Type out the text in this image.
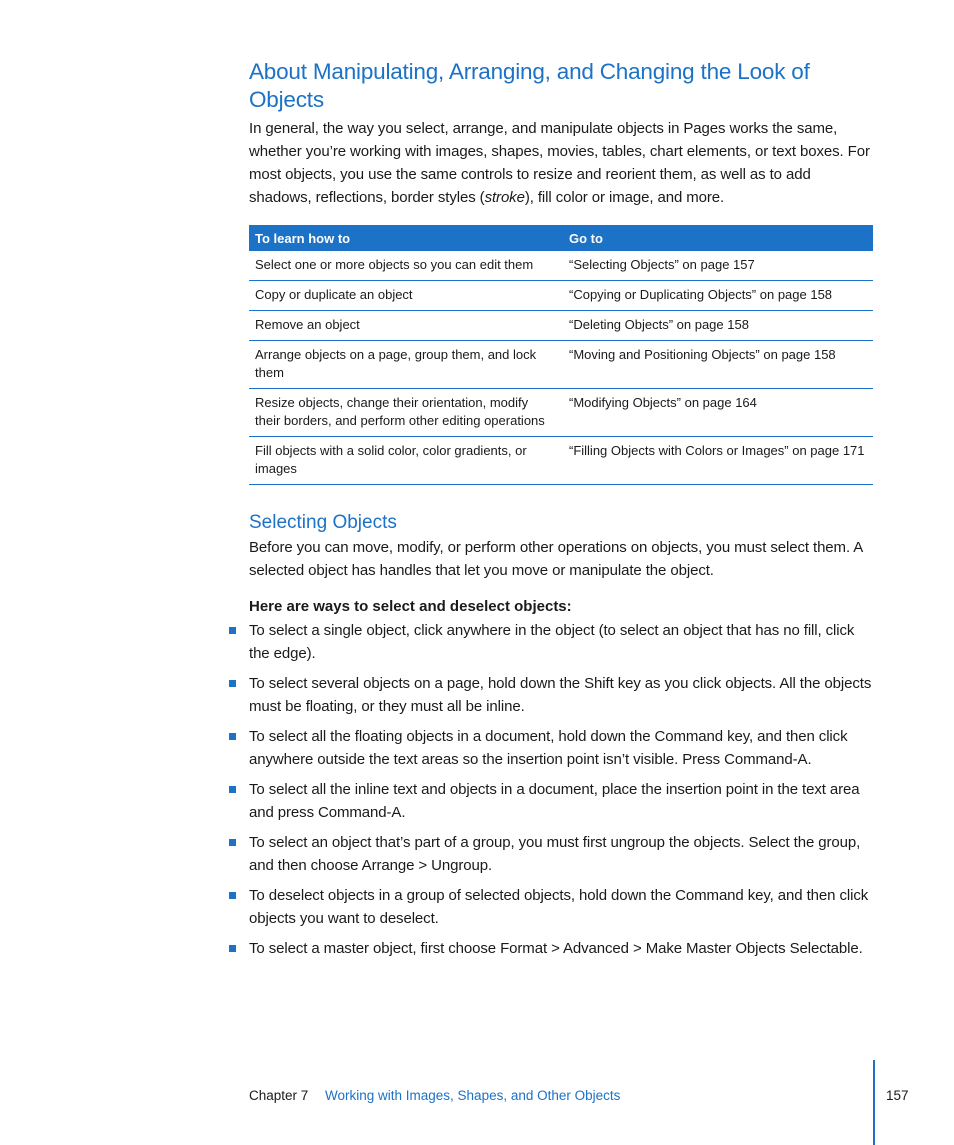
About Manipulating, Arranging, and Changing the Look of Objects

In general, the way you select, arrange, and manipulate objects in Pages works the same, whether you’re working with images, shapes, movies, tables, chart elements, or text boxes. For most objects, you use the same controls to resize and reorient them, as well as to add shadows, reflections, border styles (stroke), fill color or image, and more.

To learn how to	Go to
Select one or more objects so you can edit them	“Selecting Objects” on page 157
Copy or duplicate an object	“Copying or Duplicating Objects” on page 158
Remove an object	“Deleting Objects” on page 158
Arrange objects on a page, group them, and lock them	“Moving and Positioning Objects” on page 158
Resize objects, change their orientation, modify their borders, and perform other editing operations	“Modifying Objects” on page 164
Fill objects with a solid color, color gradients, or images	“Filling Objects with Colors or Images” on page 171
Selecting Objects

Before you can move, modify, or perform other operations on objects, you must select them. A selected object has handles that let you move or manipulate the object.

Here are ways to select and deselect objects:

To select a single object, click anywhere in the object (to select an object that has no fill, click the edge).
To select several objects on a page, hold down the Shift key as you click objects. All the objects must be floating, or they must all be inline.
To select all the floating objects in a document, hold down the Command key, and then click anywhere outside the text areas so the insertion point isn’t visible. Press Command-A.
To select all the inline text and objects in a document, place the insertion point in the text area and press Command-A.
To select an object that’s part of a group, you must first ungroup the objects. Select the group, and then choose Arrange > Ungroup.
To deselect objects in a group of selected objects, hold down the Command key, and then click objects you want to deselect.
To select a master object, first choose Format > Advanced > Make Master Objects Selectable.
Chapter 7 Working with Images, Shapes, and Other Objects	157
